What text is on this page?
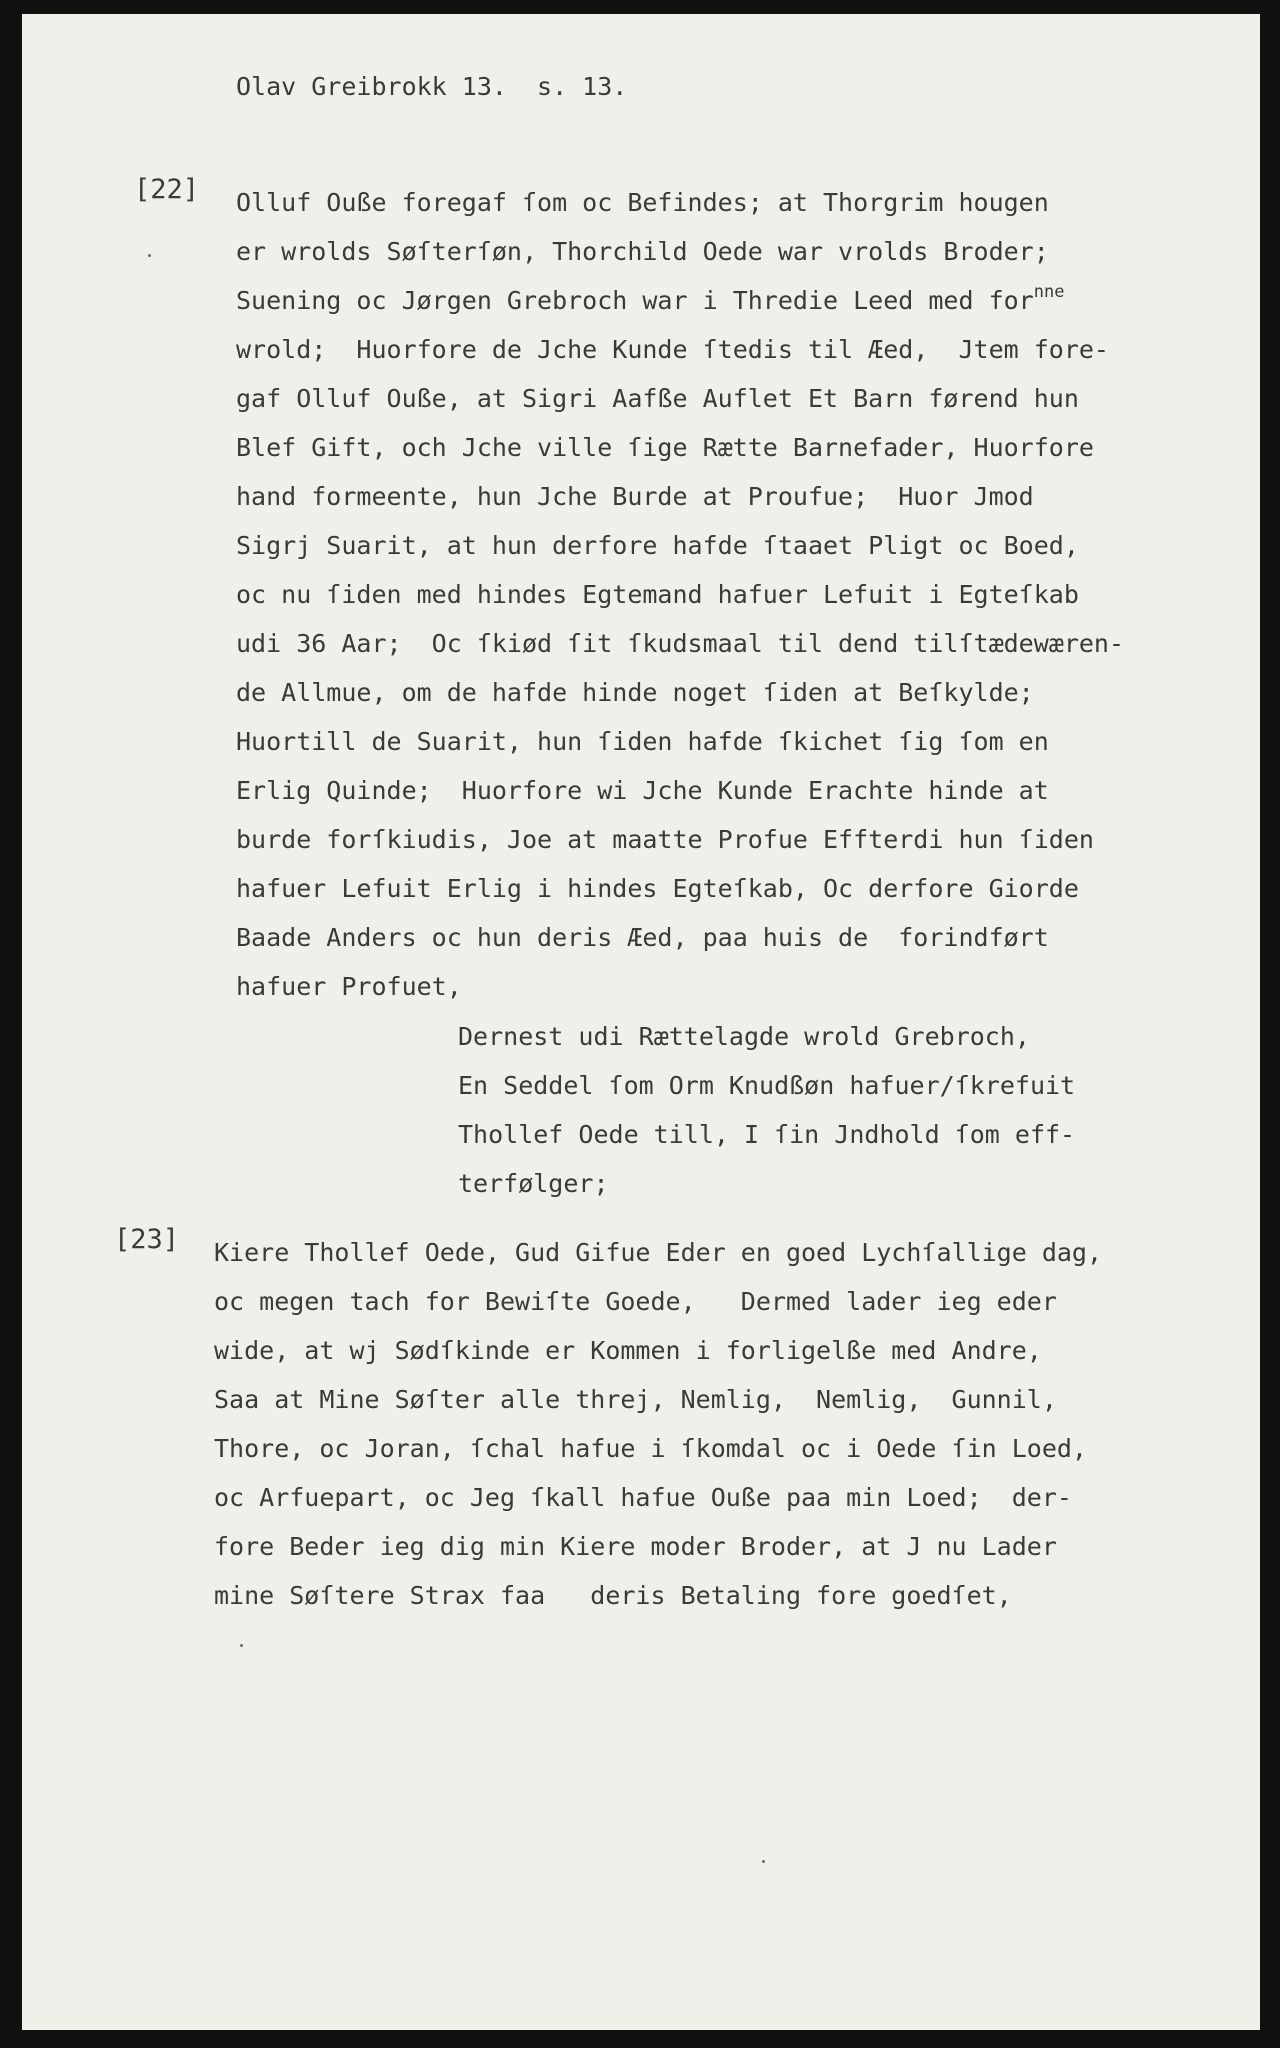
Olav Greibrokk 13.  s. 13.
[22] Olluf Ouße foregaf ſom oc Befindes; at Thorgrim hougen
er wrolds Søſterſøn, Thorchild Oede war vrolds Broder;
Suening oc Jørgen Grebroch war i Thredie Leed med for$^{nne}$
wrold;  Huorfore de Jche Kunde ſtedis til Æed,  Jtem fore-
gaf Olluf Ouße, at Sigri Aafße Auflet Et Barn førend hun
Blef Gift, och Jche ville ſige Rætte Barnefader, Huorfore
hand formeente, hun Jche Burde at Proufue;  Huor Jmod
Sigrj Suarit, at hun derfore hafde ſtaaet Pligt oc Boed,
oc nu ſiden med hindes Egtemand hafuer Lefuit i Egteſkab
udi 36 Aar;  Oc ſkiød ſit ſkudsmaal til dend tilſtædewæren-
de Allmue, om de hafde hinde noget ſiden at Beſkylde;
Huortill de Suarit, hun ſiden hafde ſkichet ſig ſom en
Erlig Quinde;  Huorfore wi Jche Kunde Erachte hinde at
burde forſkiudis, Joe at maatte Profue Effterdi hun ſiden
hafuer Lefuit Erlig i hindes Egteſkab, Oc derfore Giorde
Baade Anders oc hun deris Æed, paa huis de  forindført
hafuer Profuet,
Dernest udi Rættelagde wrold Grebroch,
En Seddel ſom Orm Knudßøn hafuer/ſkrefuit
Thollef Oede till, I ſin Jndhold ſom eff-
terfølger;
[23] Kiere Thollef Oede, Gud Gifue Eder en goed Lychſallige dag,
oc megen tach for Bewiſte Goede,   Dermed lader ieg eder
wide, at wj Sødſkinde er Kommen i forligelße med Andre,
Saa at Mine Søſter alle threj, Nemlig,  Nemlig,  Gunnil,
Thore, oc Joran, ſchal hafue i ſkomdal oc i Oede ſin Loed,
oc Arfuepart, oc Jeg ſkall hafue Ouße paa min Loed;  der-
fore Beder ieg dig min Kiere moder Broder, at J nu Lader
mine Søſtere Strax faa   deris Betaling fore goedſet,
